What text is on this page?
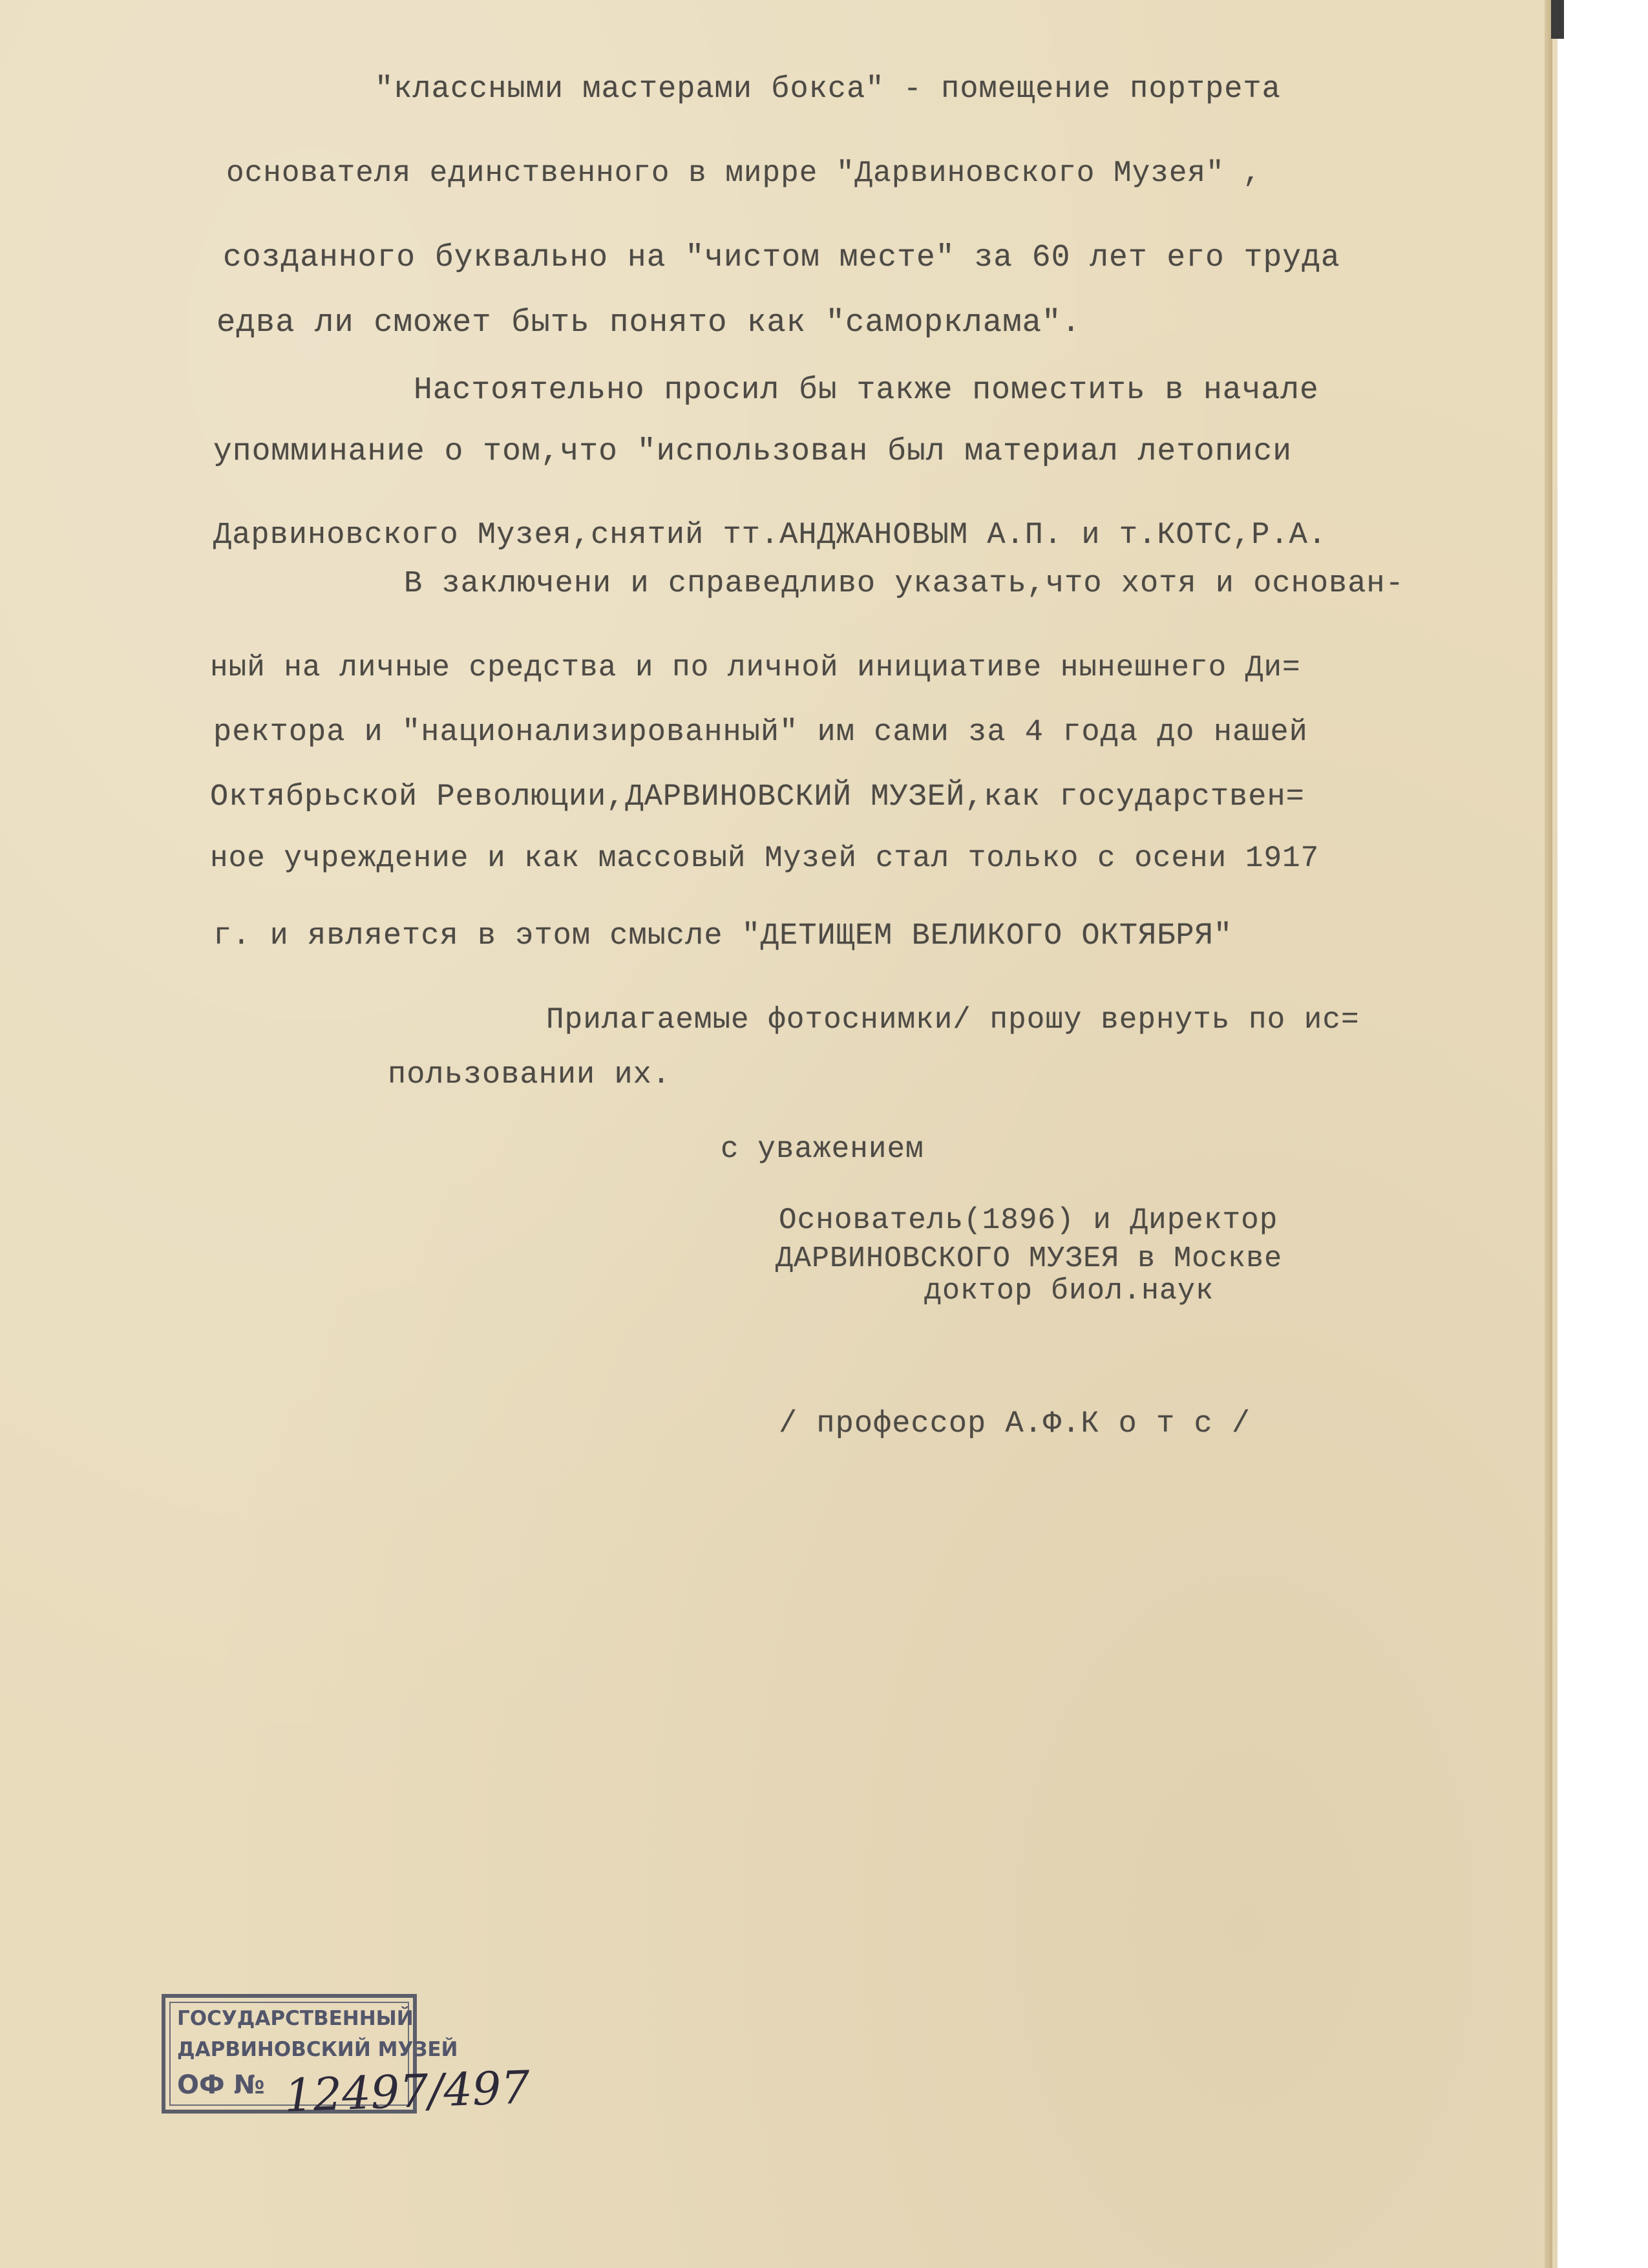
"классными мастерами бокса" - помещение портрета
основателя единственного в мирре "Дарвиновского Музея" ,
созданного буквально на "чистом месте" за 60 лет его труда
едва ли сможет быть понято как "саморклама".
Настоятельно просил бы также поместить в начале
упомминание о том,что "использован был материал летописи
Дарвиновского Музея,снятий тт.АНДЖАНОВЫМ А.П. и т.КОТС,Р.А.
В заключени и справедливо указать,что хотя и основан-
ный на личные средства и по личной инициативе нынешнего Ди=
ректора и "национализированный" им сами за 4 года до нашей
Октябрьской Революции,ДАРВИНОВСКИЙ МУЗЕЙ,как государствен=
ное учреждение и как массовый Музей стал только с осени 1917
г. и является в этом смысле "ДЕТИЩЕМ ВЕЛИКОГО ОКТЯБРЯ"
Прилагаемые фотоснимки/ прошу вернуть по ис=
пользовании их.
с уважением
Основатель(1896) и Директор
ДАРВИНОВСКОГО МУЗЕЯ в Москве
доктор биол.наук
/ профессор А.Ф.К о т с /
ГОСУДАРСТВЕННЫЙ
ДАРВИНОВСКИЙ МУЗЕЙ
ОФ № 12497/497
